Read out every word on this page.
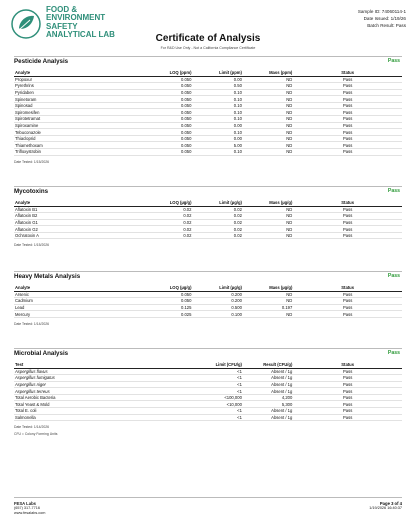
FOOD &
ENVIRONMENT
SAFETY
ANALYTICAL LAB
Sample ID: 74060114-1
Date Issued: 1/19/26
Batch Result: Pass
Certificate of Analysis
For R&D Use Only - Not a California Compliance Certificate
Pesticide Analysis	Pass
Analyte	LOQ (ppm)	Limit (ppm)	Mass (ppm)	Status
Propoxur	0.050	0.00	ND	Pass
Pyrethrins	0.050	0.50	ND	Pass
Pyridaben	0.050	0.10	ND	Pass
Spinetoram	0.050	0.10	ND	Pass
Spinosad	0.050	0.10	ND	Pass
Spiromesifen	0.050	0.10	ND	Pass
Spirotetramat	0.050	0.10	ND	Pass
Spiroxamine	0.050	0.00	ND	Pass
Tebuconazole	0.050	0.10	ND	Pass
Thiacloprid	0.050	0.00	ND	Pass
Thiamethoxam	0.050	5.00	ND	Pass
Trifloxystrobin	0.050	0.10	ND	Pass
Date Tested: 1/15/2026
Mycotoxins	Pass
Analyte	LOQ (µg/g)	Limit (µg/g)	Mass (µg/g)	Status
Aflatoxin B1	0.02	0.02	ND	Pass
Aflatoxin B2	0.02	0.02	ND	Pass
Aflatoxin G1	0.02	0.02	ND	Pass
Aflatoxin G2	0.02	0.02	ND	Pass
Ochratoxin A	0.02	0.02	ND	Pass
Date Tested: 1/15/2026
Heavy Metals Analysis	Pass
Analyte	LOQ (µg/g)	Limit (µg/g)	Mass (µg/g)	Status
Arsenic	0.050	0.200	ND	Pass
Cadmium	0.050	0.200	ND	Pass
Lead	0.125	0.500	0.197	Pass
Mercury	0.025	0.100	ND	Pass
Date Tested: 1/14/2026
Microbial Analysis	Pass
Test	Limit (CFU/g)	Result (CFU/g)	Status
Aspergillus flavus	<1	Absent / 1g	Pass
Aspergillus fumigatus	<1	Absent / 1g	Pass
Aspergillus niger	<1	Absent / 1g	Pass
Aspergillus terreus	<1	Absent / 1g	Pass
Total Aerobic Bacteria	<100,000	4,200	Pass
Total Yeast & Mold	<10,000	5,300	Pass
Total E. coli	<1	Absent / 1g	Pass
Salmonella	<1	Absent / 1g	Pass
Date Tested: 1/14/2026
CFU = Colony Forming Units
FESA Labs
(657) 317-7716
www.fesalabs.com
Page 3 of 4
1/19/2026 16:40:37
